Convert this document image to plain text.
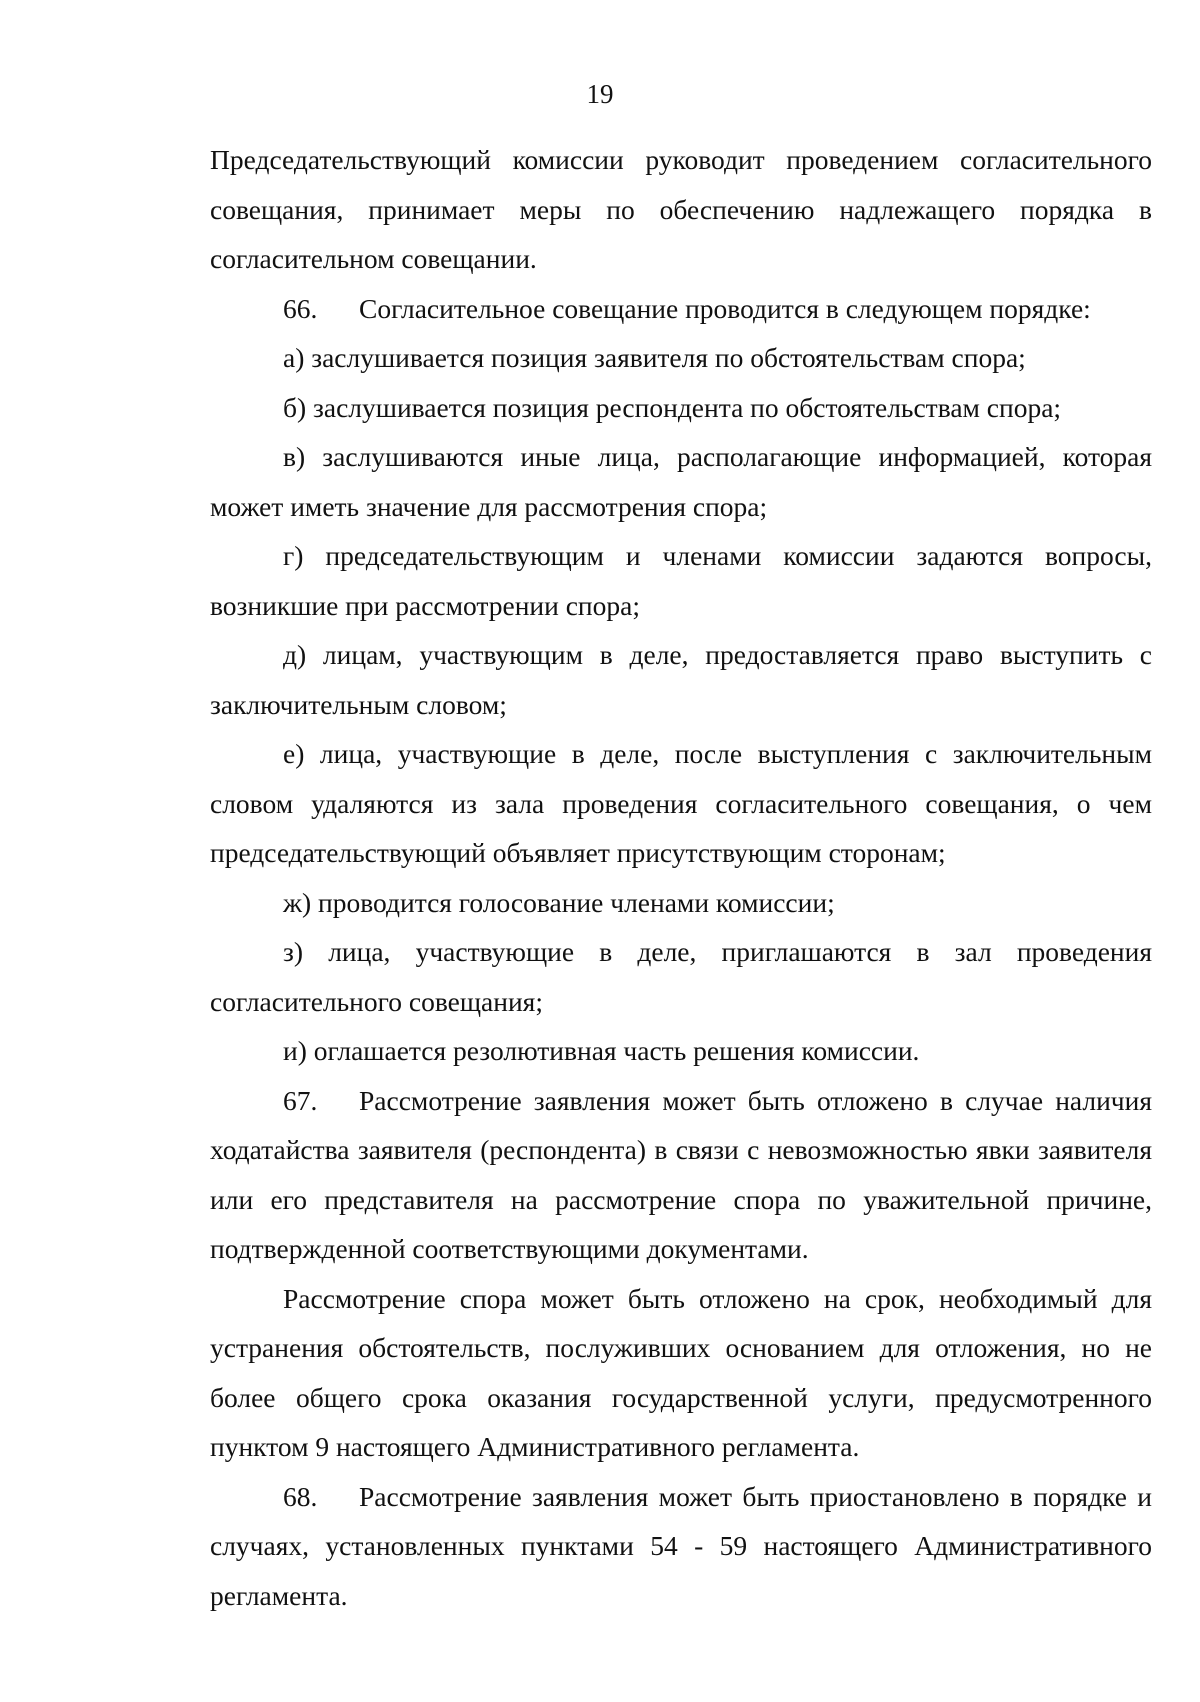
19

Председательствующий комиссии руководит проведением согласительного совещания, принимает меры по обеспечению надлежащего порядка в согласительном совещании.

66. Согласительное совещание проводится в следующем порядке:

а) заслушивается позиция заявителя по обстоятельствам спора;

б) заслушивается позиция респондента по обстоятельствам спора;

в) заслушиваются иные лица, располагающие информацией, которая может иметь значение для рассмотрения спора;

г) председательствующим и членами комиссии задаются вопросы, возникшие при рассмотрении спора;

д) лицам, участвующим в деле, предоставляется право выступить с заключительным словом;

е) лица, участвующие в деле, после выступления с заключительным словом удаляются из зала проведения согласительного совещания, о чем председательствующий объявляет присутствующим сторонам;

ж) проводится голосование членами комиссии;

з) лица, участвующие в деле, приглашаются в зал проведения согласительного совещания;

и) оглашается резолютивная часть решения комиссии.

67. Рассмотрение заявления может быть отложено в случае наличия ходатайства заявителя (респондента) в связи с невозможностью явки заявителя или его представителя на рассмотрение спора по уважительной причине, подтвержденной соответствующими документами.

Рассмотрение спора может быть отложено на срок, необходимый для устранения обстоятельств, послуживших основанием для отложения, но не более общего срока оказания государственной услуги, предусмотренного пунктом 9 настоящего Административного регламента.

68. Рассмотрение заявления может быть приостановлено в порядке и случаях, установленных пунктами 54 - 59 настоящего Административного регламента.
